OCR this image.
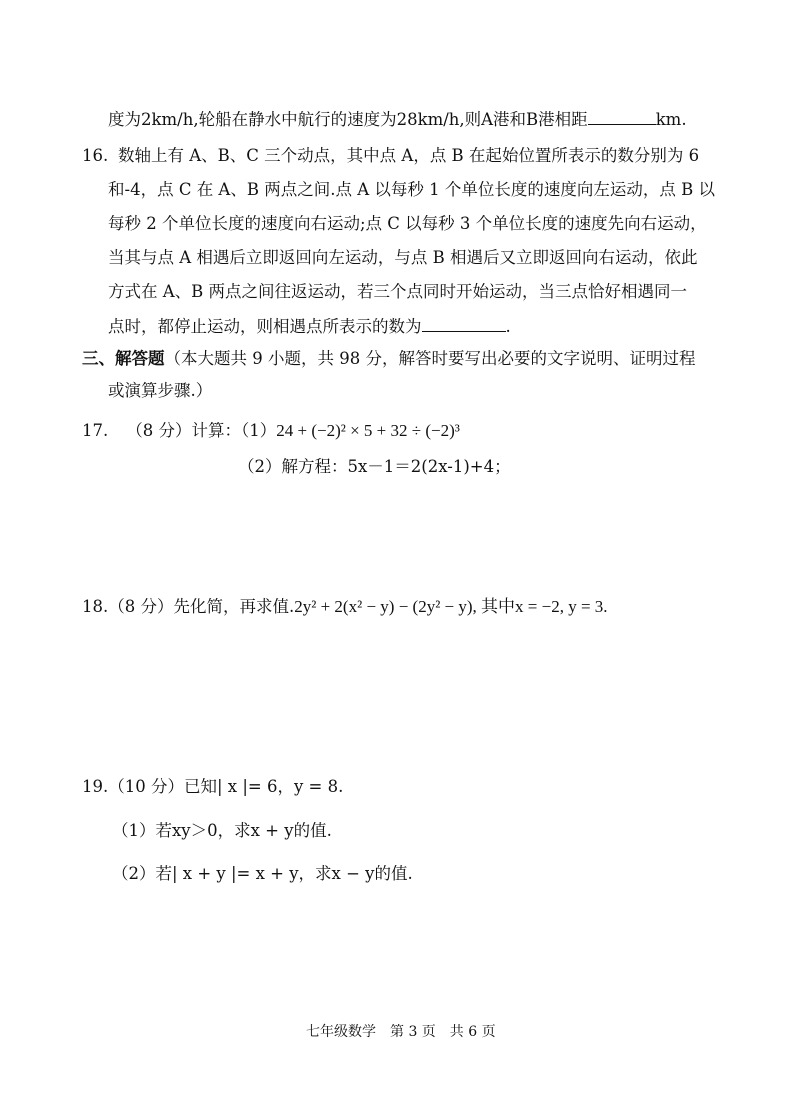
度为2km/h,轮船在静水中航行的速度为28km/h,则A港和B港相距	km.
16. 数轴上有 A、B、C 三个动点，其中点 A，点 B 在起始位置所表示的数分别为 6
和-4，点 C 在 A、B 两点之间.点 A 以每秒 1 个单位长度的速度向左运动，点 B 以
每秒 2 个单位长度的速度向右运动;点 C 以每秒 3 个单位长度的速度先向右运动，
当其与点 A 相遇后立即返回向左运动，与点 B 相遇后又立即返回向右运动，依此
方式在 A、B 两点之间往返运动，若三个点同时开始运动，当三点恰好相遇同一
点时，都停止运动，则相遇点所表示的数为	.
三、解答题（本大题共 9 小题，共 98 分，解答时要写出必要的文字说明、证明过程
或演算步骤.）
17. （8 分）计算：（1）24 + (−2)² × 5 + 32 ÷ (−2)³
（2）解方程：5x－1＝2(2x-1)+4；
18.（8 分）先化简，再求值.2y² + 2(x² − y) − (2y² − y), 其中x = −2, y = 3.
19.（10 分）已知| x |= 6，y = 8.
（1）若xy＞0，求x + y的值.
（2）若| x + y |= x + y，求x − y的值.
七年级数学　第 3 页　共 6 页
